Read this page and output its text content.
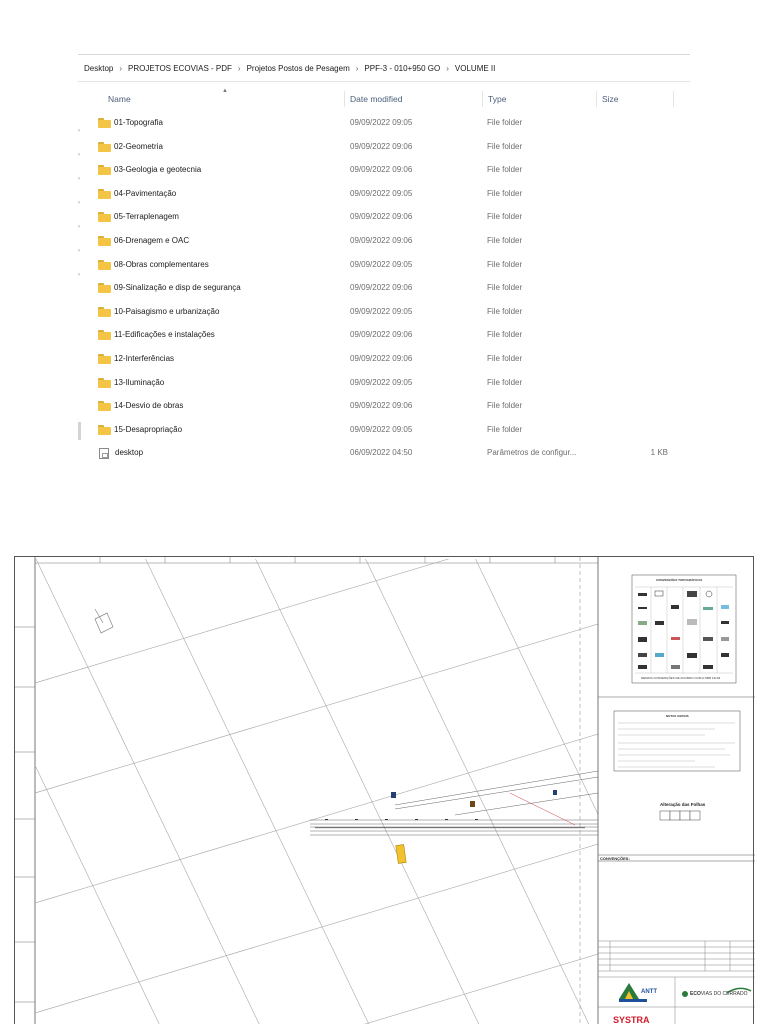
Desktop › PROJETOS ECOVIAS - PDF › Projetos Postos de Pesagem › PPF-3 - 010+950 GO › VOLUME II
▲
Name	Date modified	Type	Size
›
›
›
›
›
›
›
01-Topografia	09/09/2022 09:05	File folder
02-Geometria	09/09/2022 09:06	File folder
03-Geologia e geotecnia	09/09/2022 09:06	File folder
04-Pavimentação	09/09/2022 09:05	File folder
05-Terraplenagem	09/09/2022 09:06	File folder
06-Drenagem e OAC	09/09/2022 09:06	File folder
08-Obras complementares	09/09/2022 09:05	File folder
09-Sinalização e disp de segurança	09/09/2022 09:06	File folder
10-Paisagismo e urbanização	09/09/2022 09:05	File folder
11-Edificações e instalações	09/09/2022 09:06	File folder
12-Interferências	09/09/2022 09:06	File folder
13-Iluminação	09/09/2022 09:05	File folder
14-Desvio de obras	09/09/2022 09:06	File folder
15-Desapropriação	09/09/2022 09:05	File folder
desktop	06/09/2022 04:50	Parâmetros de configur...	1 KB
CONVENÇÕES TOPOGRÁFICAS
DEMAIS CONVENÇÕES DE ACORDO COM A NBR 13133
NOTAS GERAIS
Alteração das Folhas
CONVENÇÕES:
ANTT	ECOVIAS DO CERRADO
SYSTRA
